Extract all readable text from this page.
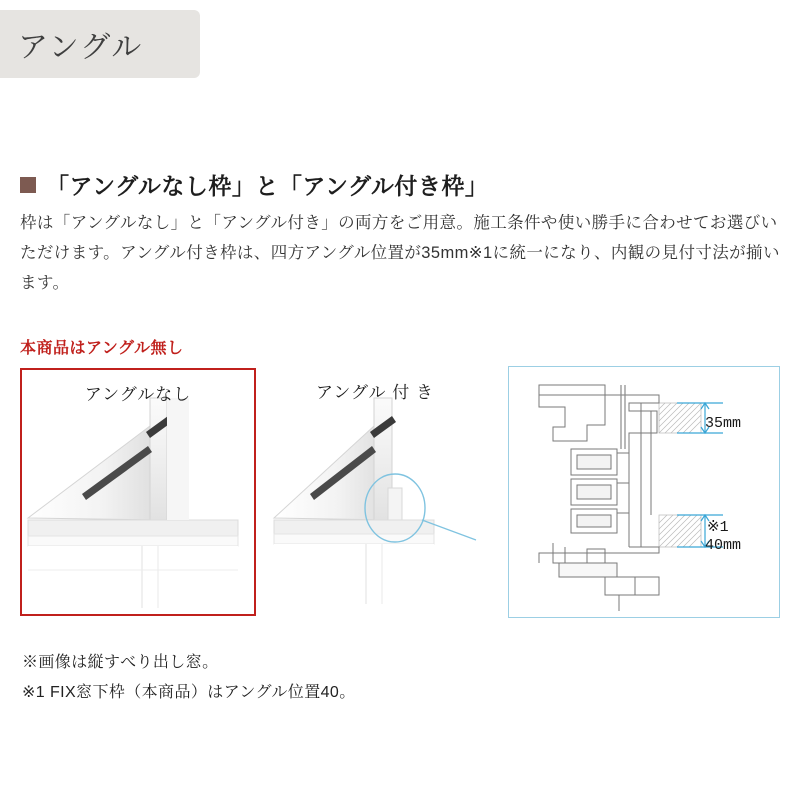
アングル
「アングルなし枠」と「アングル付き枠」
枠は「アングルなし」と「アングル付き」の両方をご用意。施工条件や使い勝手に合わせてお選びいただけます。アングル付き枠は、四方アングル位置が35mm※1に統一になり、内観の見付寸法が揃います。
本商品はアングル無し
アングルなし	アングル 付 き
35mm
※1
40mm
※画像は縦すべり出し窓。
※1 FIX窓下枠（本商品）はアングル位置40。
